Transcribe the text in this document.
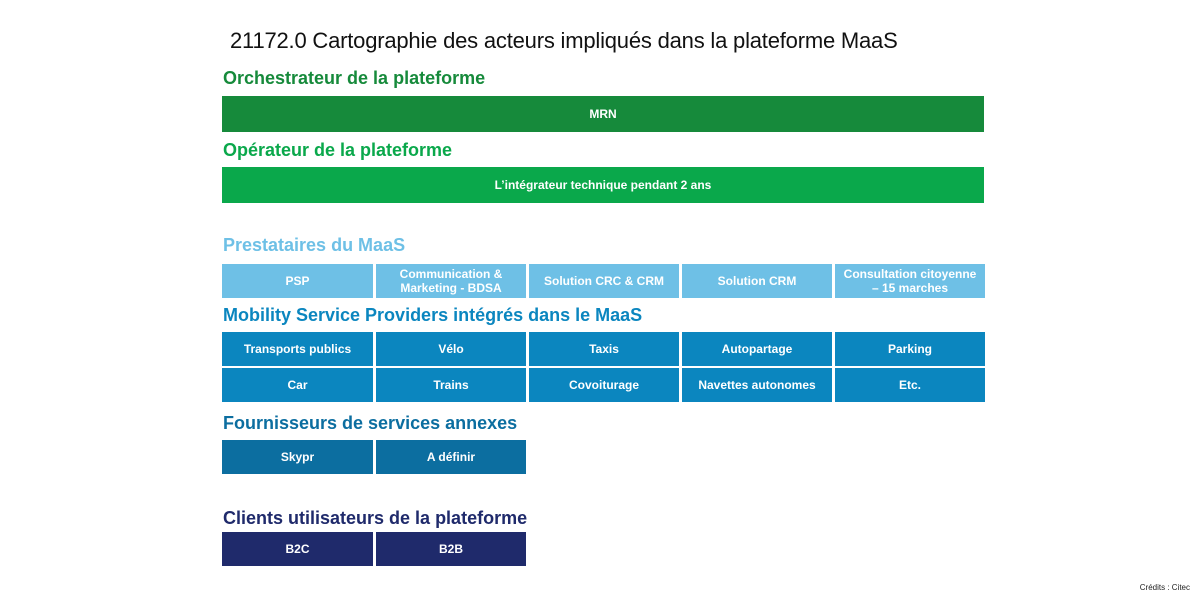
21172.0 Cartographie des acteurs impliqués dans la plateforme MaaS
Orchestrateur de la plateforme
MRN
Opérateur de la plateforme
L’intégrateur technique pendant 2 ans
Prestataires du MaaS
PSP	Communication & Marketing - BDSA	Solution CRC & CRM	Solution CRM	Consultation citoyenne – 15 marches
Mobility Service Providers intégrés dans le MaaS
Transports publics	Vélo	Taxis	Autopartage	Parking
Car	Trains	Covoiturage	Navettes autonomes	Etc.
Fournisseurs de services annexes
Skypr	A définir
Clients utilisateurs de la plateforme
B2C	B2B
Crédits : Citec
